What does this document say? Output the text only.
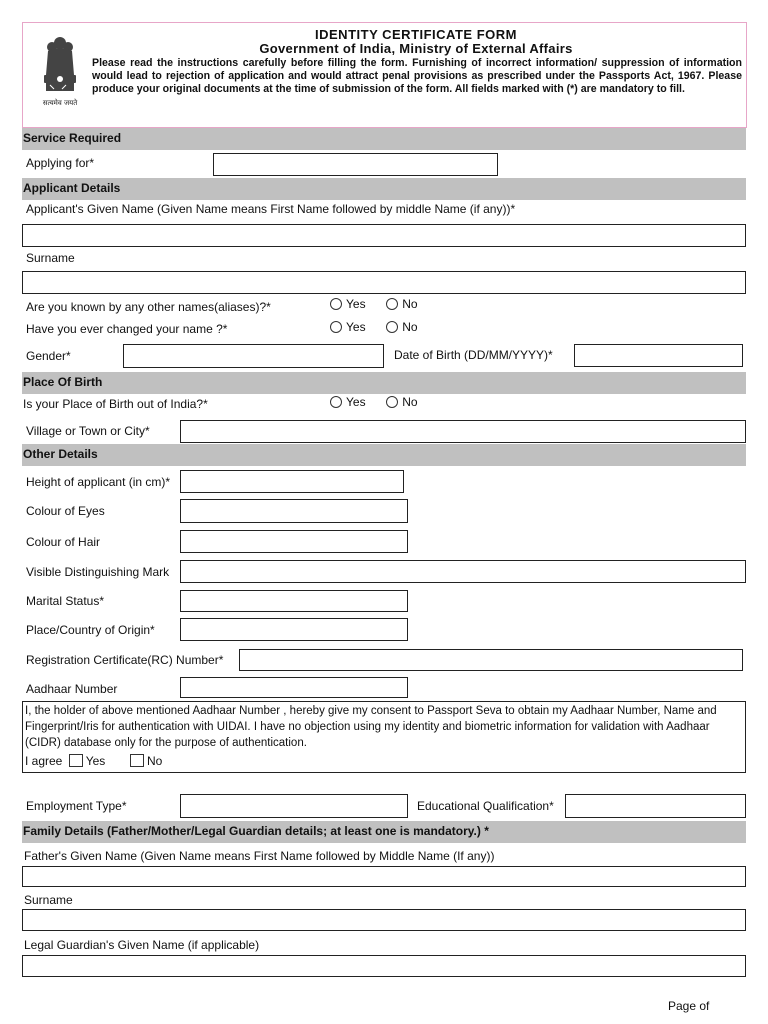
सत्यमेव जयते
IDENTITY CERTIFICATE FORM
Government of India, Ministry of External Affairs
Please read the instructions carefully before filling the form. Furnishing of incorrect information/ suppression of information would lead to rejection of application and would attract penal provisions as prescribed under the Passports Act, 1967. Please produce your original documents at the time of submission of the form. All fields marked with (*) are mandatory to fill.
Service Required
Applying for*
Applicant Details
Applicant's Given Name (Given Name means First Name followed by middle Name (if any))*
Surname
Are you known by any other names(aliases)?*	Yes	No
Have you ever changed your name ?*	Yes	No
Gender*	Date of Birth (DD/MM/YYYY)*
Place Of Birth
Is your Place of Birth out of India?*	Yes	No
Village or Town or City*
Other Details
Height of applicant (in cm)*
Colour of Eyes
Colour of Hair
Visible Distinguishing Mark
Marital Status*
Place/Country of Origin*
Registration Certificate(RC) Number*
Aadhaar Number
I, the holder of above mentioned Aadhaar Number , hereby give my consent to Passport Seva to obtain my Aadhaar Number, Name and Fingerprint/Iris for authentication with UIDAI. I have no objection using my identity and biometric information for validation with Aadhaar (CIDR) database only for the purpose of authentication.
I agree Yes	No
Employment Type*	Educational Qualification*
Family Details (Father/Mother/Legal Guardian details; at least one is mandatory.) *
Father's Given Name (Given Name means First Name followed by Middle Name (If any))
Surname
Legal Guardian's Given Name (if applicable)
Page of
